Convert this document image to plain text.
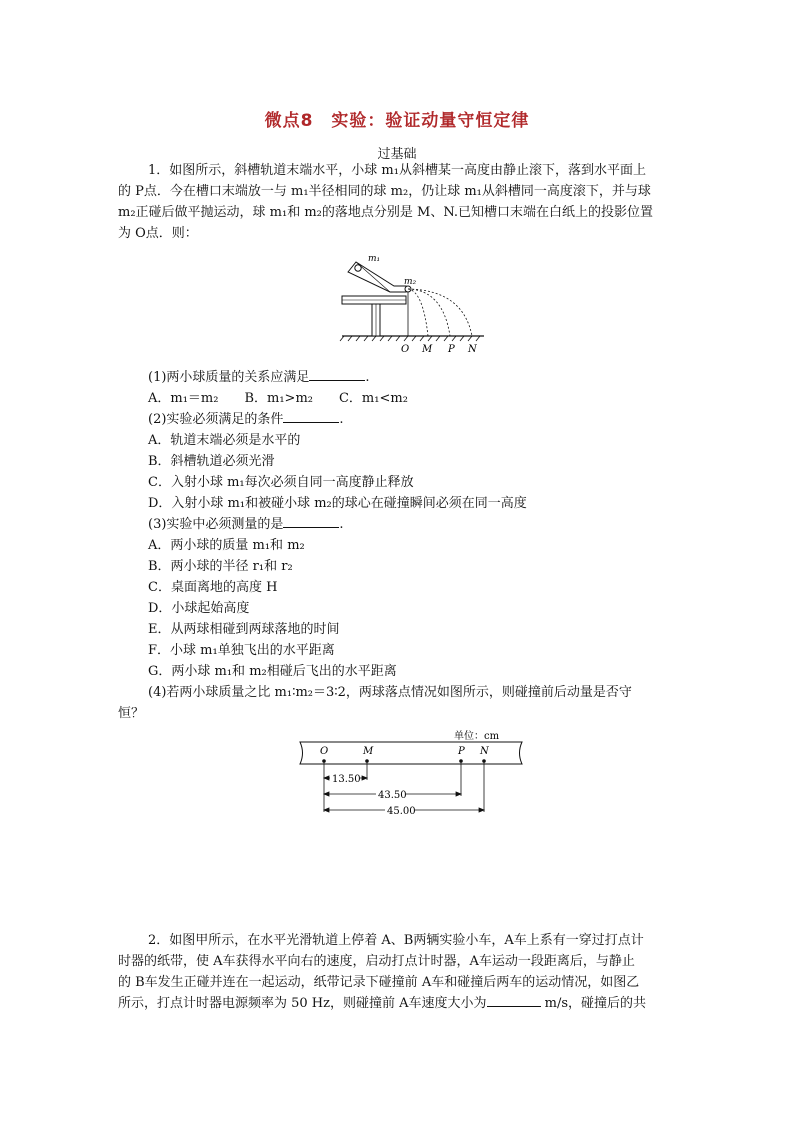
微点8　实验：验证动量守恒定律
过基础
1．如图所示，斜槽轨道末端水平，小球 m₁从斜槽某一高度由静止滚下，落到水平面上
的 P点．今在槽口末端放一与 m₁半径相同的球 m₂，仍让球 m₁从斜槽同一高度滚下，并与球
m₂正碰后做平抛运动，球 m₁和 m₂的落地点分别是 M、N.已知槽口末端在白纸上的投影位置
为 O点．则：
m₁
m₂
O M P N
(1)两小球质量的关系应满足	.
A．m₁＝m₂　　B．m₁>m₂　　C．m₁<m₂
(2)实验必须满足的条件	.
A．轨道末端必须是水平的
B．斜槽轨道必须光滑
C．入射小球 m₁每次必须自同一高度静止释放
D．入射小球 m₁和被碰小球 m₂的球心在碰撞瞬间必须在同一高度
(3)实验中必须测量的是	.
A．两小球的质量 m₁和 m₂
B．两小球的半径 r₁和 r₂
C．桌面离地的高度 H
D．小球起始高度
E．从两球相碰到两球落地的时间
F．小球 m₁单独飞出的水平距离
G．两小球 m₁和 m₂相碰后飞出的水平距离
(4)若两小球质量之比 m₁∶m₂＝3∶2，两球落点情况如图所示，则碰撞前后动量是否守
恒？
单位：cm
O	M	P N
13.50
43.50
45.00
2．如图甲所示，在水平光滑轨道上停着 A、B两辆实验小车，A车上系有一穿过打点计
时器的纸带，使 A车获得水平向右的速度，启动打点计时器，A车运动一段距离后，与静止
的 B车发生正碰并连在一起运动，纸带记录下碰撞前 A车和碰撞后两车的运动情况，如图乙
所示，打点计时器电源频率为 50 Hz，则碰撞前 A车速度大小为	m/s，碰撞后的共
